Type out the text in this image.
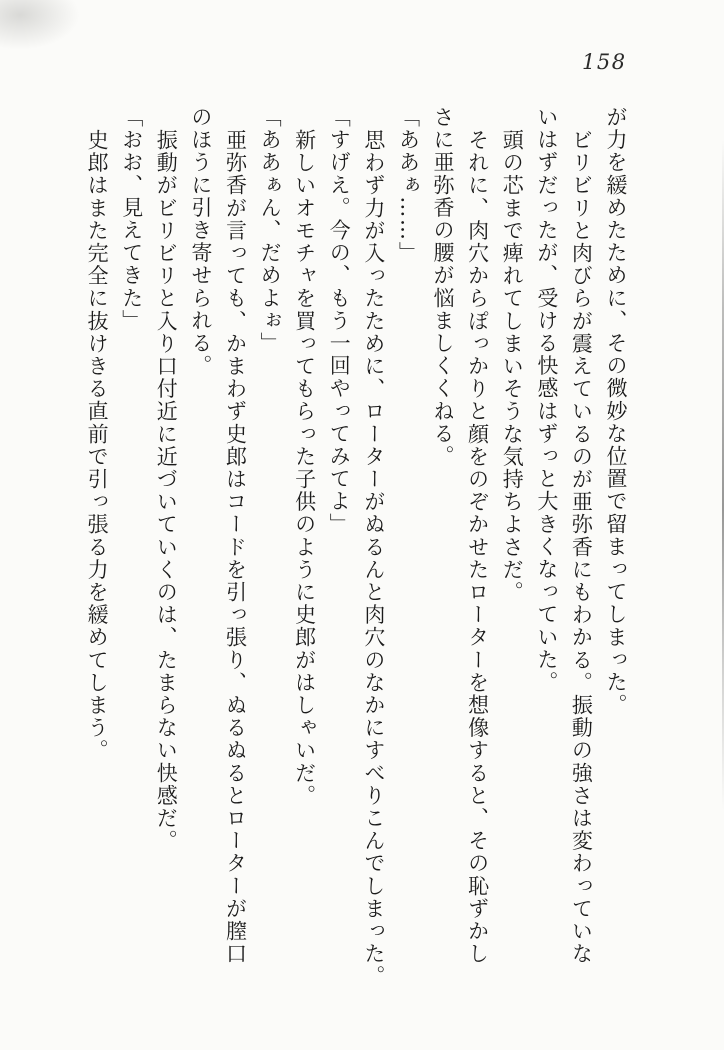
158
が力を緩めたために、その微妙な位置で留まってしまった。
ビリビリと肉びらが震えているのが亜弥香にもわかる。振動の強さは変わっていな
いはずだったが、受ける快感はずっと大きくなっていた。
頭の芯まで痺れてしまいそうな気持ちよさだ。
それに、肉穴からぽっかりと顔をのぞかせたローターを想像すると、その恥ずかし
さに亜弥香の腰が悩ましくくねる。
「ああぁ……」
思わず力が入ったために、ローターがぬるんと肉穴のなかにすべりこんでしまった。
「すげえ。今の、もう一回やってみてよ」
新しいオモチャを買ってもらった子供のように史郎がはしゃいだ。
「ああぁん、だめよぉ」
亜弥香が言っても、かまわず史郎はコードを引っ張り、ぬるぬるとローターが膣口
のほうに引き寄せられる。
振動がビリビリと入り口付近に近づいていくのは、たまらない快感だ。
「おお、見えてきた」
史郎はまた完全に抜けきる直前で引っ張る力を緩めてしまう。
